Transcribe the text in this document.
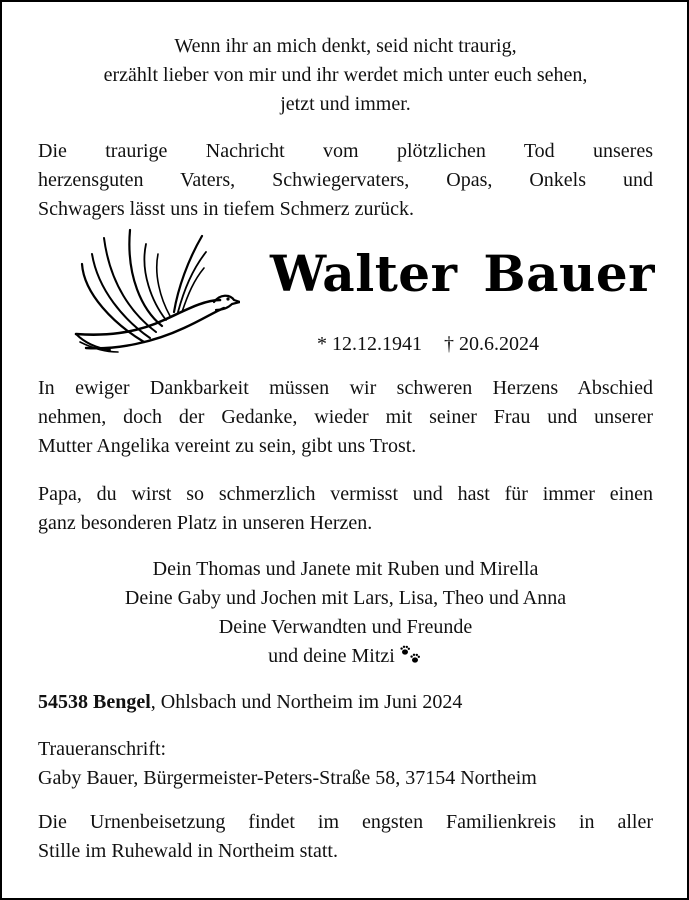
Wenn ihr an mich denkt, seid nicht traurig,
erzählt lieber von mir und ihr werdet mich unter euch sehen,
jetzt und immer.
Die traurige Nachricht vom plötzlichen Tod unseres
herzensguten Vaters, Schwiegervaters, Opas, Onkels und
Schwagers lässt uns in tiefem Schmerz zurück.
Walter Bauer
* 12.12.1941 † 20.6.2024
In ewiger Dankbarkeit müssen wir schweren Herzens Abschied
nehmen, doch der Gedanke, wieder mit seiner Frau und unserer
Mutter Angelika vereint zu sein, gibt uns Trost.
Papa, du wirst so schmerzlich vermisst und hast für immer einen
ganz besonderen Platz in unseren Herzen.
Dein Thomas und Janete mit Ruben und Mirella
Deine Gaby und Jochen mit Lars, Lisa, Theo und Anna
Deine Verwandten und Freunde
und deine Mitzi
54538 Bengel, Ohlsbach und Northeim im Juni 2024
Traueranschrift:
Gaby Bauer, Bürgermeister-Peters-Straße 58, 37154 Northeim
Die Urnenbeisetzung findet im engsten Familienkreis in aller
Stille im Ruhewald in Northeim statt.
